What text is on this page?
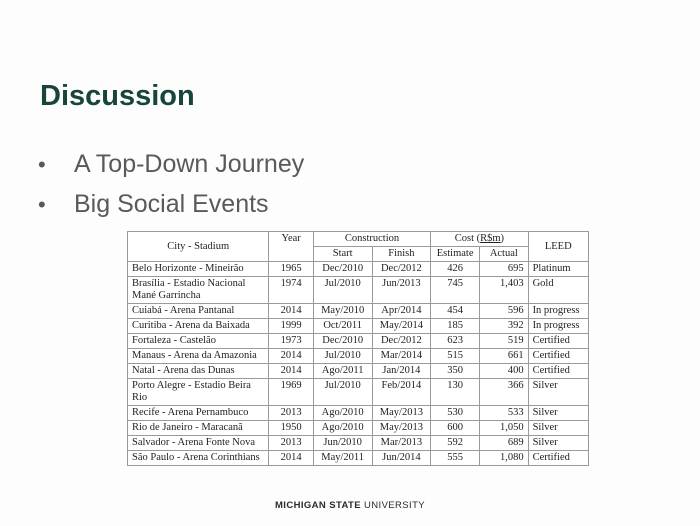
Discussion
• A Top-Down Journey
• Big Social Events
City - Stadium	Year	Construction		Cost (R$m)		LEED
		Start	Finish	Estimate	Actual	
Belo Horizonte - Mineirão	1965	Dec/2010	Dec/2012	426	695	Platinum
Brasília - Estadio Nacional Mané Garrincha	1974	Jul/2010	Jun/2013	745	1,403	Gold
Cuiabá - Arena Pantanal	2014	May/2010	Apr/2014	454	596	In progress
Curitiba - Arena da Baixada	1999	Oct/2011	May/2014	185	392	In progress
Fortaleza - Castelão	1973	Dec/2010	Dec/2012	623	519	Certified
Manaus - Arena da Amazonia	2014	Jul/2010	Mar/2014	515	661	Certified
Natal - Arena das Dunas	2014	Ago/2011	Jan/2014	350	400	Certified
Porto Alegre - Estadio Beira Rio	1969	Jul/2010	Feb/2014	130	366	Silver
Recife - Arena Pernambuco	2013	Ago/2010	May/2013	530	533	Silver
Rio de Janeiro - Maracanã	1950	Ago/2010	May/2013	600	1,050	Silver
Salvador - Arena Fonte Nova	2013	Jun/2010	Mar/2013	592	689	Silver
São Paulo - Arena Corinthians	2014	May/2011	Jun/2014	555	1,080	Certified
MICHIGAN STATE UNIVERSITY
